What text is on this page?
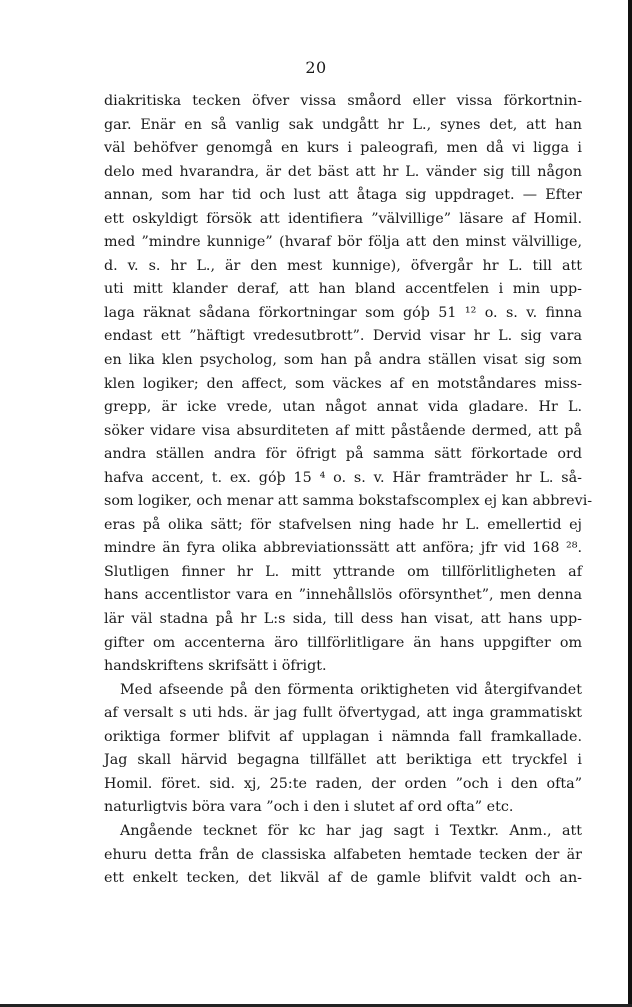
20
diakritiska tecken öfver vissa småord eller vissa förkortnin-
gar. Enär en så vanlig sak undgått hr L., synes det, att han
väl behöfver genomgå en kurs i paleografi, men då vi ligga i
delo med hvarandra, är det bäst att hr L. vänder sig till någon
annan, som har tid och lust att åtaga sig uppdraget. — Efter
ett oskyldigt försök att identifiera ”välvillige” läsare af Homil.
med ”mindre kunnige” (hvaraf bör följa att den minst välvillige,
d. v. s. hr L., är den mest kunnige), öfvergår hr L. till att
uti mitt klander deraf, att han bland accentfelen i min upp-
laga räknat sådana förkortningar som góþ 51 ¹² o. s. v. finna
endast ett ”häftigt vredesutbrott”. Dervid visar hr L. sig vara
en lika klen psycholog, som han på andra ställen visat sig som
klen logiker; den affect, som väckes af en motståndares miss-
grepp, är icke vrede, utan något annat vida gladare. Hr L.
söker vidare visa absurditeten af mitt påstående dermed, att på
andra ställen andra för öfrigt på samma sätt förkortade ord
hafva accent, t. ex. góþ 15 ⁴ o. s. v. Här framträder hr L. så-
som logiker, och menar att samma bokstafscomplex ej kan abbrevi-
eras på olika sätt; för stafvelsen ning hade hr L. emellertid ej
mindre än fyra olika abbreviationssätt att anföra; jfr vid 168 ²⁸.
Slutligen finner hr L. mitt yttrande om tillförlitligheten af
hans accentlistor vara en ”innehållslös oförsynthet”, men denna
lär väl stadna på hr L:s sida, till dess han visat, att hans upp-
gifter om accenterna äro tillförlitligare än hans uppgifter om
handskriftens skrifsätt i öfrigt.
Med afseende på den förmenta oriktigheten vid återgifvandet
af versalt s uti hds. är jag fullt öfvertygad, att inga grammatiskt
oriktiga former blifvit af upplagan i nämnda fall framkallade.
Jag skall härvid begagna tillfället att beriktiga ett tryckfel i
Homil. föret. sid. xj, 25:te raden, der orden ”och i den ofta”
naturligtvis böra vara ”och i den i slutet af ord ofta” etc.
Angående tecknet för kc har jag sagt i Textkr. Anm., att
ehuru detta från de classiska alfabeten hemtade tecken der är
ett enkelt tecken, det likväl af de gamle blifvit valdt och an-
